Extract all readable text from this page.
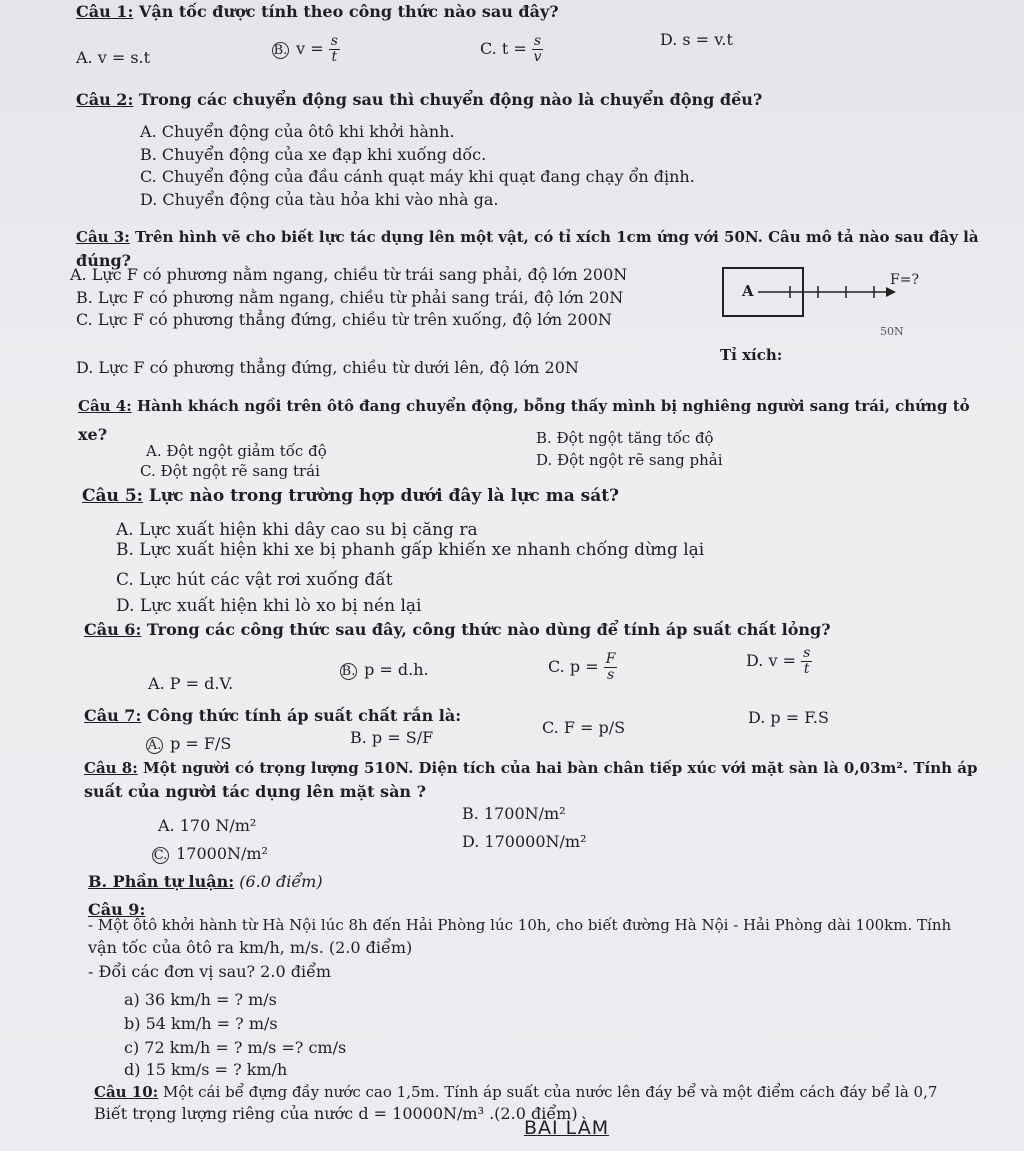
Câu 1: Vận tốc được tính theo công thức nào sau đây?
A. v = s.t	B. $v = \frac{s}{t}$	C. $t = \frac{s}{v}$	D. s = v.t
Câu 2: Trong các chuyển động sau thì chuyển động nào là chuyển động đều?
A. Chuyển động của ôtô khi khởi hành.
B. Chuyển động của xe đạp khi xuống dốc.
C. Chuyển động của đầu cánh quạt máy khi quạt đang chạy ổn định.
D. Chuyển động của tàu hỏa khi vào nhà ga.
Câu 3: Trên hình vẽ cho biết lực tác dụng lên một vật, có tỉ xích 1cm ứng với 50N. Câu mô tả nào sau đây là
đúng?
A. Lực F có phương nằm ngang, chiều từ trái sang phải, độ lớn 200N
B. Lực F có phương nằm ngang, chiều từ phải sang trái, độ lớn 20N
C. Lực F có phương thẳng đứng, chiều từ trên xuống, độ lớn 200N
D. Lực F có phương thẳng đứng, chiều từ dưới lên, độ lớn 20N
A
F=?
50N
Tỉ xích:
Câu 4: Hành khách ngồi trên ôtô đang chuyển động, bỗng thấy mình bị nghiêng người sang trái, chứng tỏ
xe?
A. Đột ngột giảm tốc độ
B. Đột ngột tăng tốc độ
C. Đột ngột rẽ sang trái
D. Đột ngột rẽ sang phải
Câu 5: Lực nào trong trường hợp dưới đây là lực ma sát?
A. Lực xuất hiện khi dây cao su bị căng ra
B. Lực xuất hiện khi xe bị phanh gấp khiến xe nhanh chống dừng lại
C. Lực hút các vật rơi xuống đất
D. Lực xuất hiện khi lò xo bị nén lại
Câu 6: Trong các công thức sau đây, công thức nào dùng để tính áp suất chất lỏng?
A. P = d.V.
B. p = d.h.	C. $p = \frac{F}{s}$	D. $v = \frac{s}{t}$
Câu 7: Công thức tính áp suất chất rắn là:
A. p = F/S	B. p = S/F
C. F = p/S
D. p = F.S
Câu 8: Một người có trọng lượng 510N. Diện tích của hai bàn chân tiếp xúc với mặt sàn là 0,03m². Tính áp
suất của người tác dụng lên mặt sàn ?
A. 170 N/m²
B. 1700N/m²
C. 17000N/m²
D. 170000N/m²
B. Phần tự luận: (6.0 điểm)
Câu 9:
- Một ôtô khởi hành từ Hà Nội lúc 8h đến Hải Phòng lúc 10h, cho biết đường Hà Nội - Hải Phòng dài 100km. Tính
vận tốc của ôtô ra km/h, m/s. (2.0 điểm)
- Đổi các đơn vị sau? 2.0 điểm
a) 36 km/h = ? m/s
b) 54 km/h = ? m/s
c) 72 km/h = ? m/s =? cm/s
d) 15 km/s = ? km/h
Câu 10: Một cái bể đựng đầy nước cao 1,5m. Tính áp suất của nước lên đáy bể và một điểm cách đáy bể là 0,7
Biết trọng lượng riêng của nước d = 10000N/m³ .(2.0 điểm)
BÀI LÀM
